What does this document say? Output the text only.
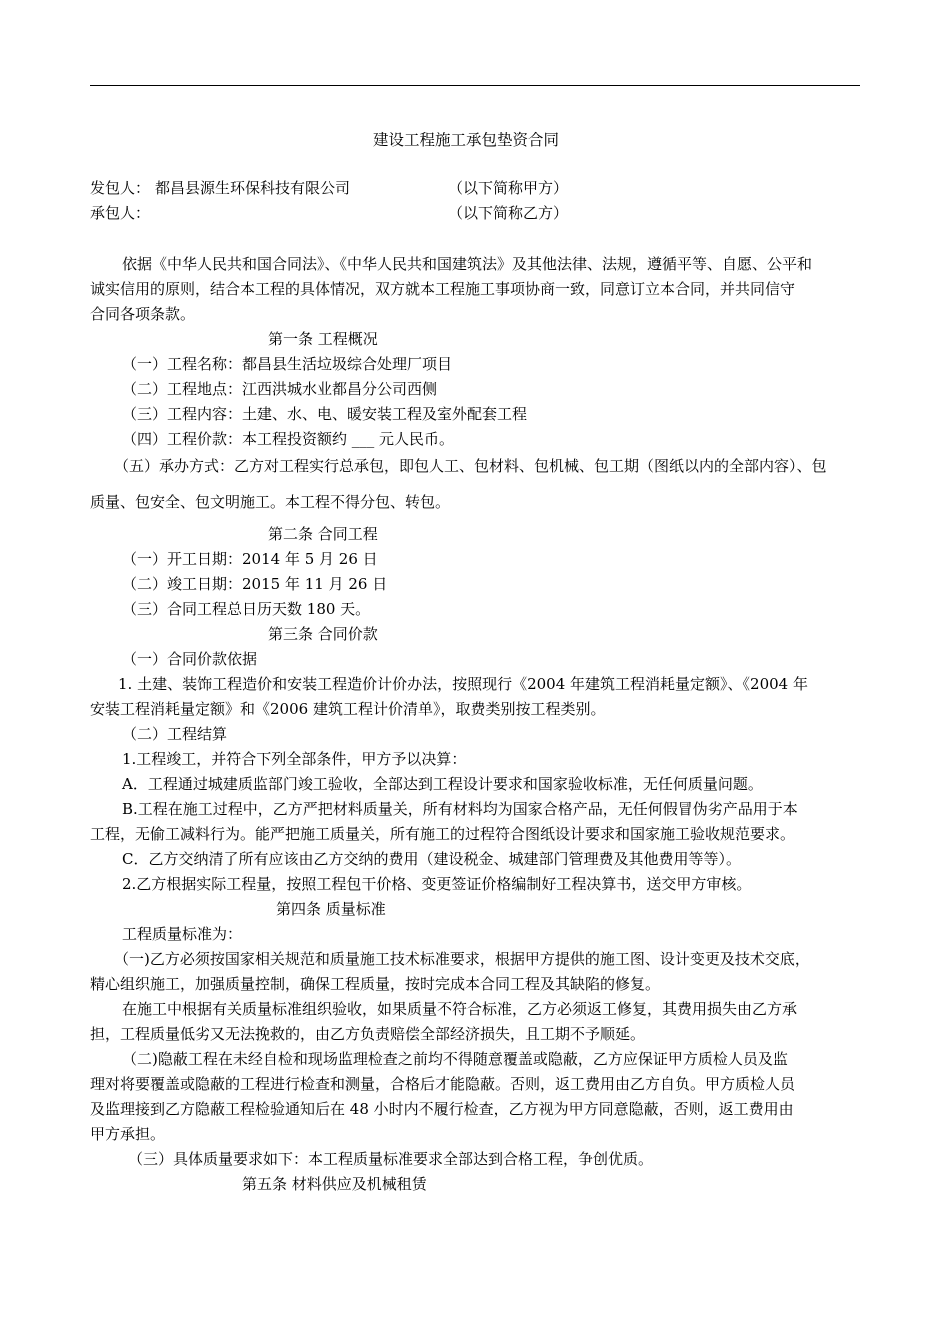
建设工程施工承包垫资合同
发包人： 都昌县源生环保科技有限公司	（以下简称甲方）
承包人：	（以下简称乙方）
依据《中华人民共和国合同法》、《中华人民共和国建筑法》及其他法律、法规，遵循平等、自愿、公平和
诚实信用的原则，结合本工程的具体情况，双方就本工程施工事项协商一致，同意订立本合同，并共同信守
合同各项条款。
第一条 工程概况
（一）工程名称：都昌县生活垃圾综合处理厂项目
（二）工程地点：江西洪城水业都昌分公司西侧
（三）工程内容：土建、水、电、暖安装工程及室外配套工程
（四）工程价款：本工程投资额约 ___ 元人民币。
（五）承办方式：乙方对工程实行总承包，即包人工、包材料、包机械、包工期（图纸以内的全部内容）、包
质量、包安全、包文明施工。本工程不得分包、转包。
第二条 合同工程
（一）开工日期：2014 年 5 月 26 日
（二）竣工日期：2015 年 11 月 26 日
（三）合同工程总日历天数 180 天。
第三条 合同价款
（一）合同价款依据
1. 土建、装饰工程造价和安装工程造价计价办法，按照现行《2004 年建筑工程消耗量定额》、《2004 年
安装工程消耗量定额》和《2006 建筑工程计价清单》，取费类别按工程类别。
（二）工程结算
1.工程竣工，并符合下列全部条件，甲方予以决算：
A．工程通过城建质监部门竣工验收，全部达到工程设计要求和国家验收标准，无任何质量问题。
B.工程在施工过程中，乙方严把材料质量关，所有材料均为国家合格产品，无任何假冒伪劣产品用于本
工程，无偷工减料行为。能严把施工质量关，所有施工的过程符合图纸设计要求和国家施工验收规范要求。
C．乙方交纳清了所有应该由乙方交纳的费用（建设税金、城建部门管理费及其他费用等等）。
2.乙方根据实际工程量，按照工程包干价格、变更签证价格编制好工程决算书，送交甲方审核。
第四条 质量标准
工程质量标准为：
（一)乙方必须按国家相关规范和质量施工技术标准要求，根据甲方提供的施工图、设计变更及技术交底，
精心组织施工，加强质量控制，确保工程质量，按时完成本合同工程及其缺陷的修复。
在施工中根据有关质量标准组织验收，如果质量不符合标准，乙方必须返工修复，其费用损失由乙方承
担，工程质量低劣又无法挽救的，由乙方负责赔偿全部经济损失，且工期不予顺延。
（二)隐蔽工程在未经自检和现场监理检查之前均不得随意覆盖或隐蔽，乙方应保证甲方质检人员及监
理对将要覆盖或隐蔽的工程进行检查和测量，合格后才能隐蔽。否则，返工费用由乙方自负。甲方质检人员
及监理接到乙方隐蔽工程检验通知后在 48 小时内不履行检查，乙方视为甲方同意隐蔽，否则，返工费用由
甲方承担。
（三）具体质量要求如下：本工程质量标准要求全部达到合格工程，争创优质。
第五条 材料供应及机械租赁
